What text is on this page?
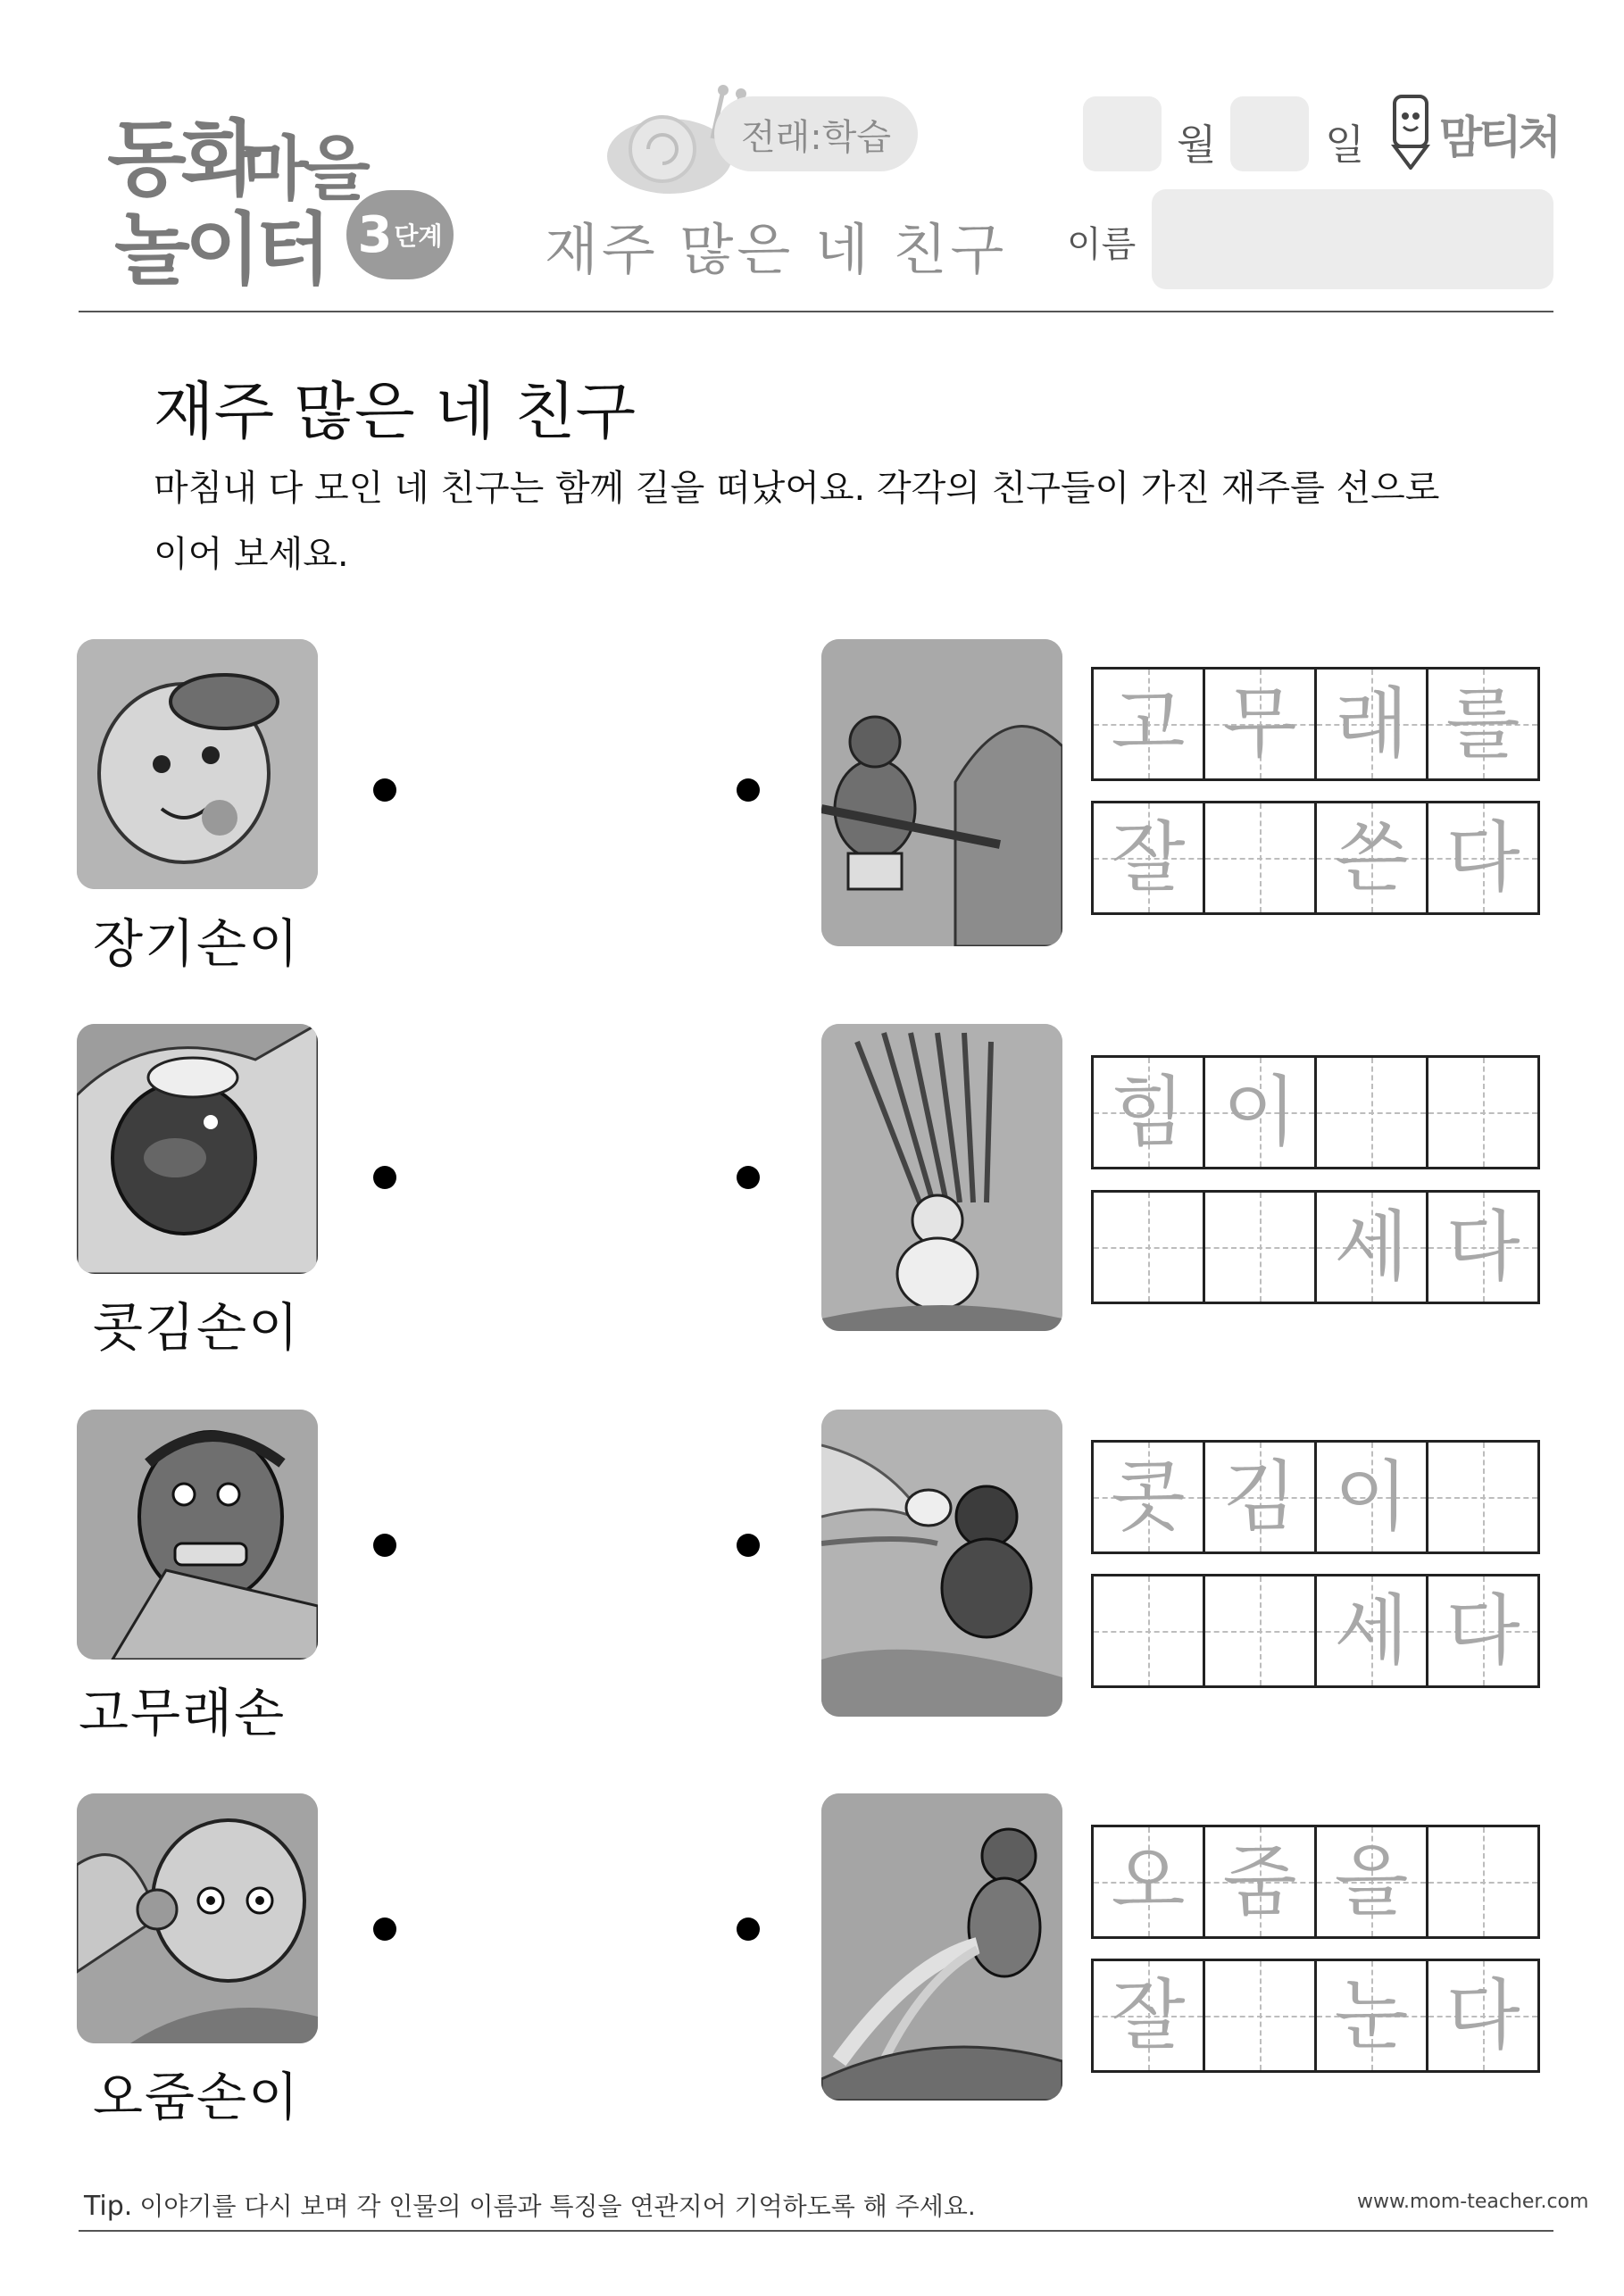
동화
마을
놀이터 3 단계
전래:학습
재주 많은 네 친구
월	일 맘티처
이름
재주 많은 네 친구
마침내 다 모인 네 친구는 함께 길을 떠났어요. 각각의 친구들이 가진 재주를 선으로
이어 보세요.
장기손이
고 무 래 를
잘 쓴 다
콧김손이
힘 이
세 다
고무래손
콧 김 이
세 다
오줌손이
오 줌 을
잘 눈 다
Tip. 이야기를 다시 보며 각 인물의 이름과 특징을 연관지어 기억하도록 해 주세요.	www.mom-teacher.com
